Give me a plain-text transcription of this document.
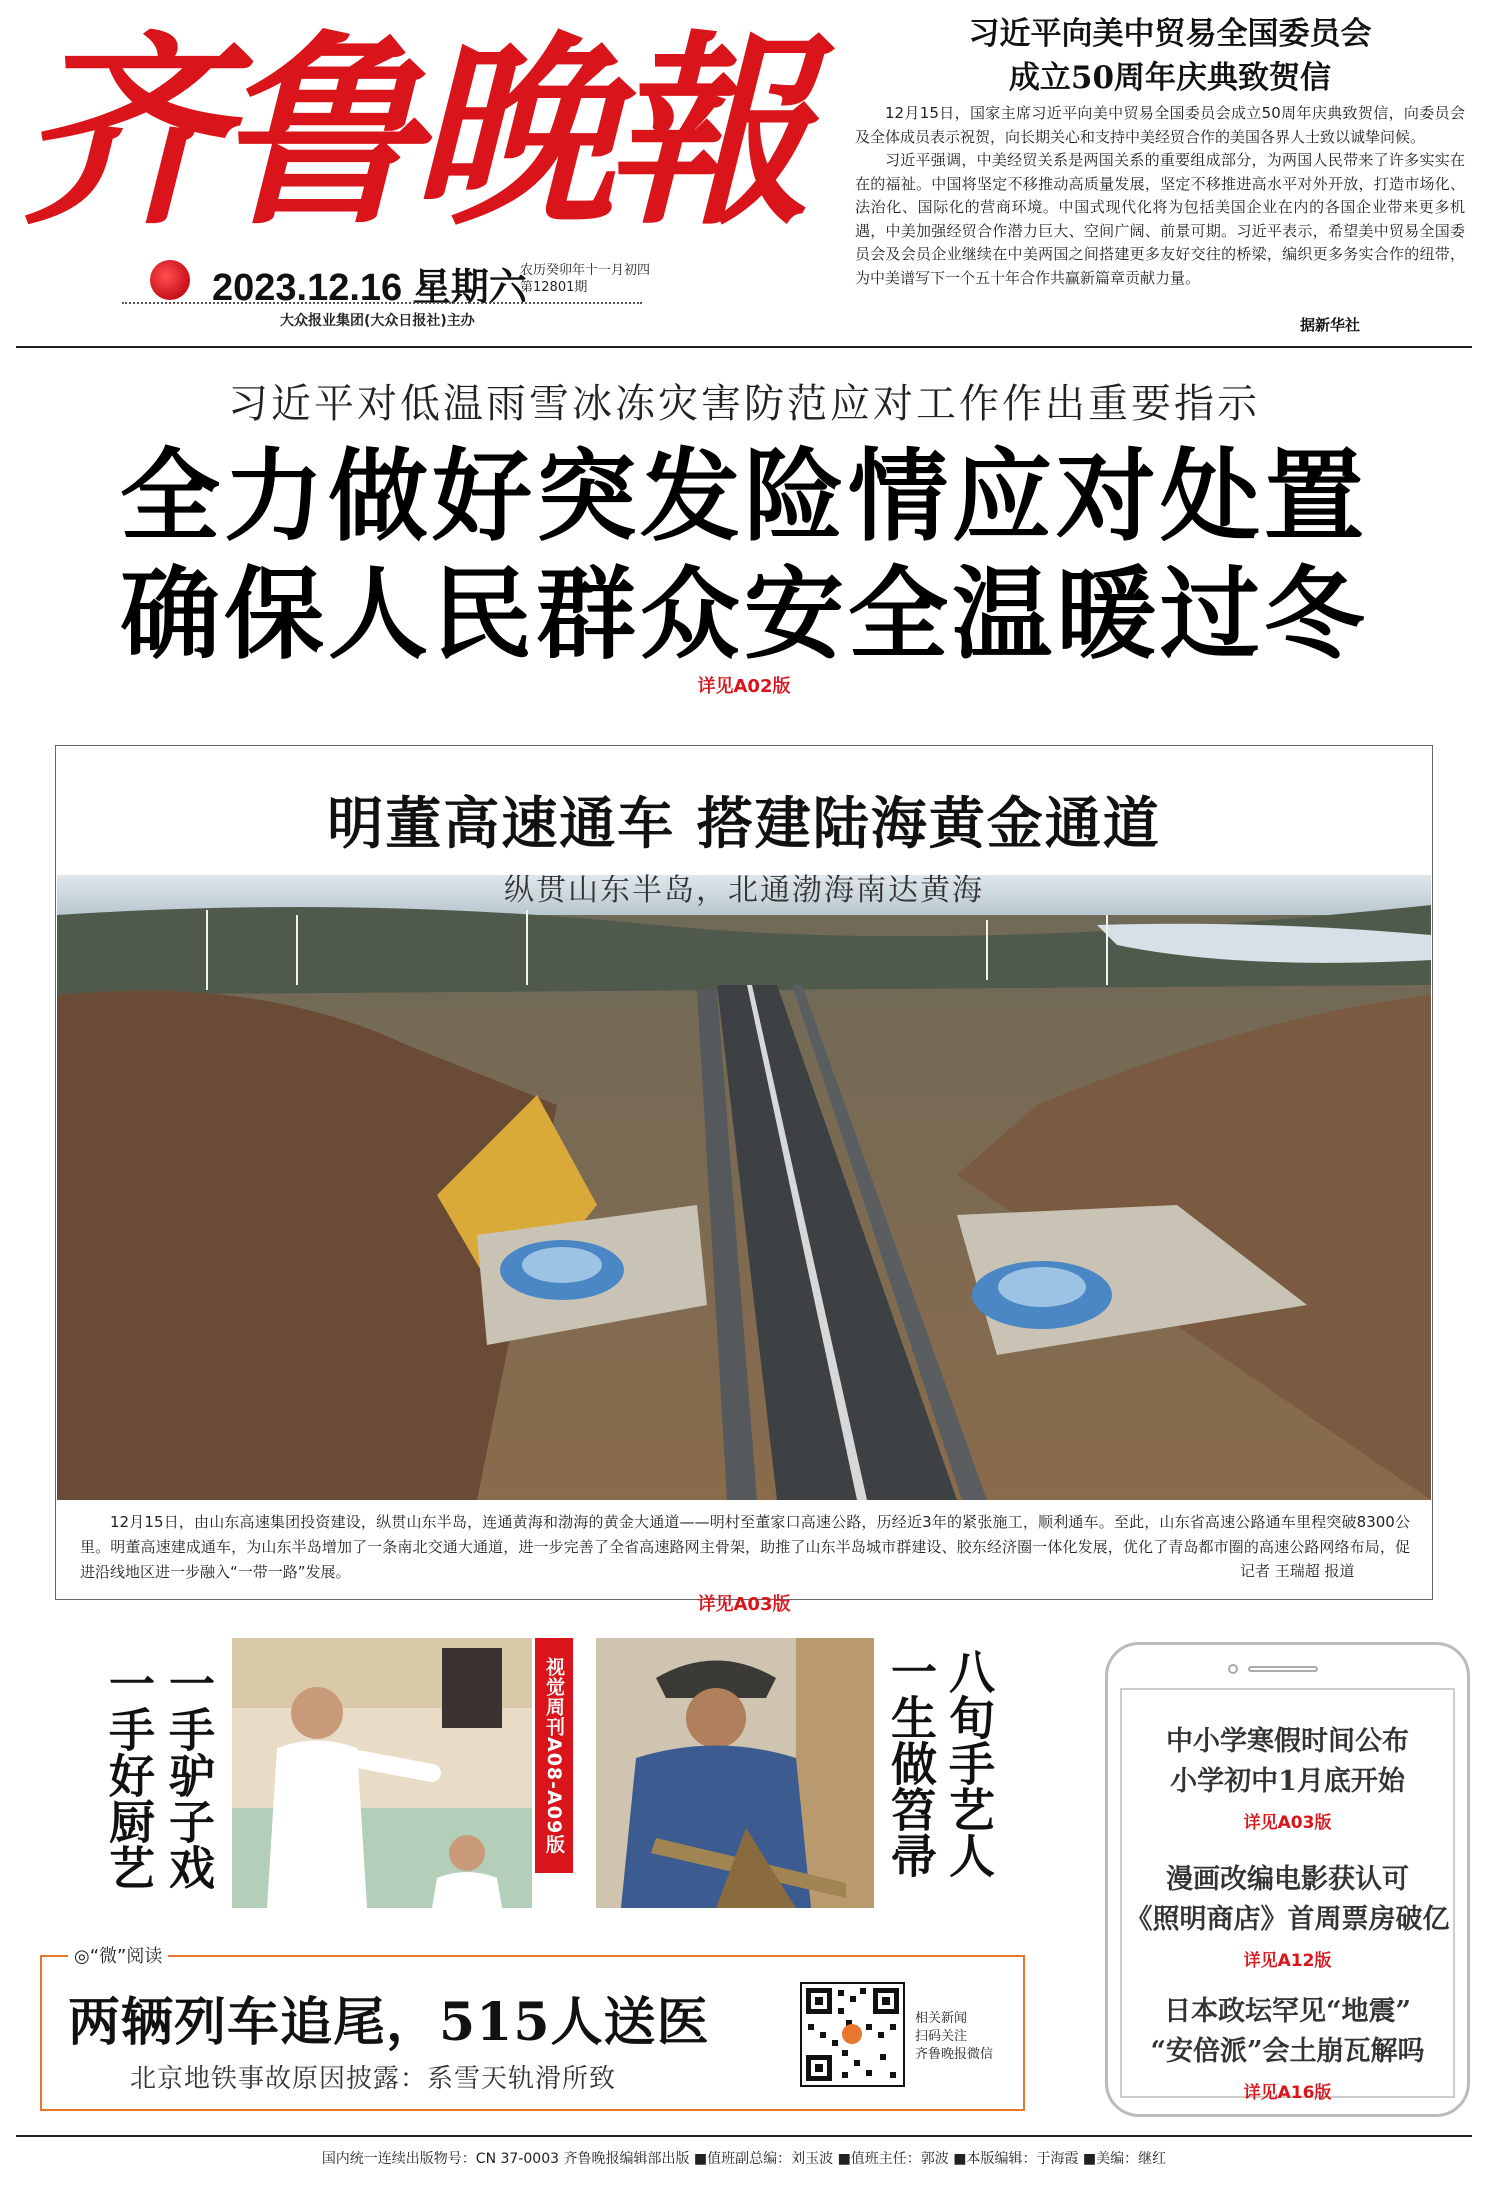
齐鲁晚報
2023.12.16 星期六
农历癸卯年十一月初四
第12801期
大众报业集团(大众日报社)主办
习近平向美中贸易全国委员会
成立50周年庆典致贺信

12月15日，国家主席习近平向美中贸易全国委员会成立50周年庆典致贺信，向委员会及全体成员表示祝贺，向长期关心和支持中美经贸合作的美国各界人士致以诚挚问候。

习近平强调，中美经贸关系是两国关系的重要组成部分，为两国人民带来了许多实实在在的福祉。中国将坚定不移推动高质量发展，坚定不移推进高水平对外开放，打造市场化、法治化、国际化的营商环境。中国式现代化将为包括美国企业在内的各国企业带来更多机遇，中美加强经贸合作潜力巨大、空间广阔、前景可期。习近平表示，希望美中贸易全国委员会及会员企业继续在中美两国之间搭建更多友好交往的桥梁，编织更多务实合作的纽带，为中美谱写下一个五十年合作共赢新篇章贡献力量。

据新华社
习近平对低温雨雪冰冻灾害防范应对工作作出重要指示
全力做好突发险情应对处置
确保人民群众安全温暖过冬
详见A02版
明董高速通车 搭建陆海黄金通道
纵贯山东半岛，北通渤海南达黄海
12月15日，由山东高速集团投资建设，纵贯山东半岛，连通黄海和渤海的黄金大通道——明村至董家口高速公路，历经近3年的紧张施工，顺利通车。至此，山东省高速公路通车里程突破8300公里。明董高速建成通车，为山东半岛增加了一条南北交通大通道，进一步完善了全省高速路网主骨架，助推了山东半岛城市群建设、胶东经济圈一体化发展，优化了青岛都市圈的高速公路网络布局，促进沿线地区进一步融入“一带一路”发展。	记者 王瑞超 报道
详见A03版
一手驴子戏
一手好厨艺	视觉周刊A08-A09版	八旬手艺人
一生做笤帚	中小学寒假时间公布
小学初中1月底开始
详见A03版
漫画改编电影获认可
《照明商店》首周票房破亿
详见A12版
日本政坛罕见“地震”
“安倍派”会土崩瓦解吗
详见A16版
◎“微”阅读
两辆列车追尾，515人送医
北京地铁事故原因披露：系雪天轨滑所致
相关新闻
扫码关注
齐鲁晚报微信
国内统一连续出版物号：CN 37-0003 齐鲁晚报编辑部出版 ■值班副总编：刘玉波 ■值班主任：郭波 ■本版编辑：于海霞 ■美编：继红
